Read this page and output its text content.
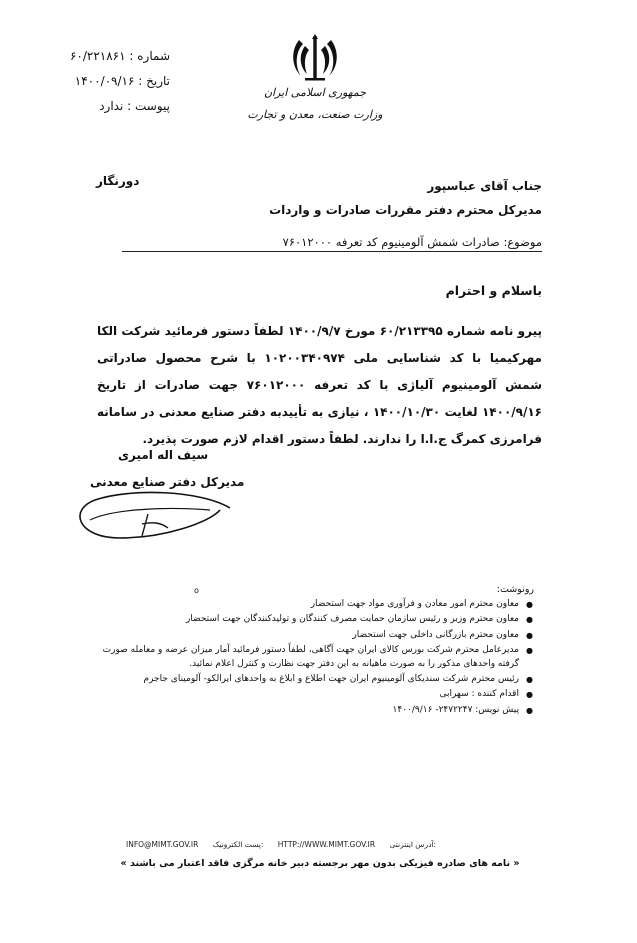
شماره : ۶۰/۲۲۱۸۶۱
تاریخ : ۱۴۰۰/۰۹/۱۶
پیوست : ندارد
جمهوری اسلامی ایران
وزارت صنعت، معدن و تجارت
جناب آقای عباسپور
مدیرکل محترم دفتر مقررات صادرات و واردات
دورنگار
موضوع: صادرات شمش آلومینیوم کد تعرفه ۷۶۰۱۲۰۰۰
باسلام و احترام

پیرو نامه شماره ۶۰/۲۱۳۳۹۵ مورخ ۱۴۰۰/۹/۷ لطفاً دستور فرمائید شرکت الکا مهرکیمیا با کد شناسایی ملی ۱۰۲۰۰۳۴۰۹۷۴ با شرح محصول صادراتی شمش آلومینیوم آلیاژی با کد تعرفه ۷۶۰۱۲۰۰۰ جهت صادرات از تاریخ ۱۴۰۰/۹/۱۶ لغایت ۱۴۰۰/۱۰/۳۰ ، نیازی به تأییدبه دفتر صنایع معدنی در سامانه فرامرزی کمرگ ج.ا.ا را ندارند. لطفاً دستور اقدام لازم صورت پذیرد.

سیف اله امیری
مدیرکل دفتر صنایع معدنی
o	رونوشت:
● معاون محترم امور معادن و فرآوری مواد جهت استحضار
● معاون محترم وزیر و رئیس سازمان حمایت مصرف کنندگان و تولیدکنندگان جهت استحضار
● معاون محترم بازرگانی داخلی جهت استحضار
● مدیرعامل محترم شرکت بورس کالای ایران جهت آگاهی، لطفاً دستور فرمائید آمار میزان عرضه و معامله صورت گرفته واحدهای مذکور را به صورت ماهیانه به این دفتر جهت نظارت و کنترل اعلام نمائید.
● رئیس محترم شرکت سندیکای آلومینیوم ایران جهت اطلاع و ابلاغ به واحدهای ایرالکو- آلومینای جاجرم
● اقدام کننده : سهرابی
● پیش نویس: ۲۴۷۲۲۴۷- ۱۴۰۰/۹/۱۶
INFO@MIMT.GOV.IR پست الکترونیک: HTTP://WWW.MIMT.GOV.IR آدرس اینترنتی:
« نامه های صادره فیزیکی بدون مهر برجسته دبیر خانه مرگزی فاقد اعتبار می باشند »
